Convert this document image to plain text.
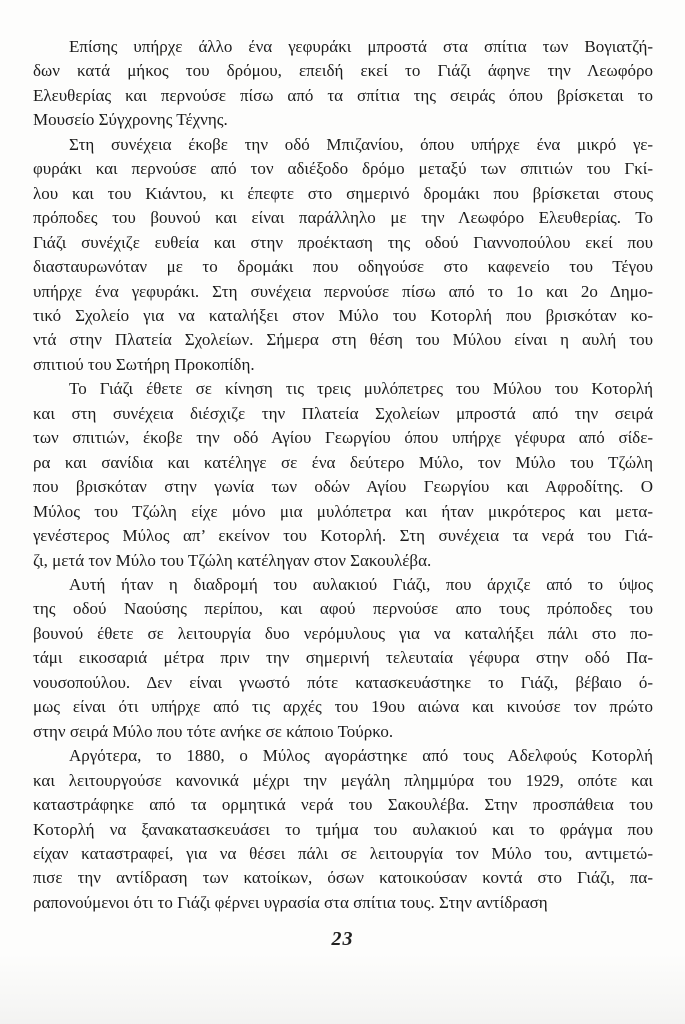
Επίσης υπήρχε άλλο ένα γεφυράκι μπροστά στα σπίτια των Βογιατζή-
δων κατά μήκος του δρόμου, επειδή εκεί το Γιάζι άφηνε την Λεωφόρο
Ελευθερίας και περνούσε πίσω από τα σπίτια της σειράς όπου βρίσκεται το
Μουσείο Σύγχρονης Τέχνης.

Στη συνέχεια έκοβε την οδό Μπιζανίου, όπου υπήρχε ένα μικρό γε-
φυράκι και περνούσε από τον αδιέξοδο δρόμο μεταξύ των σπιτιών του Γκί-
λου και του Κιάντου, κι έπεφτε στο σημερινό δρομάκι που βρίσκεται στους
πρόποδες του βουνού και είναι παράλληλο με την Λεωφόρο Ελευθερίας. Το
Γιάζι συνέχιζε ευθεία και στην προέκταση της οδού Γιαννοπούλου εκεί που
διασταυρωνόταν με το δρομάκι που οδηγούσε στο καφενείο του Τέγου
υπήρχε ένα γεφυράκι. Στη συνέχεια περνούσε πίσω από το 1ο και 2ο Δημο-
τικό Σχολείο για να καταλήξει στον Μύλο του Κοτορλή που βρισκόταν κο-
ντά στην Πλατεία Σχολείων. Σήμερα στη θέση του Μύλου είναι η αυλή του
σπιτιού του Σωτήρη Προκοπίδη.

Το Γιάζι έθετε σε κίνηση τις τρεις μυλόπετρες του Μύλου του Κοτορλή
και στη συνέχεια διέσχιζε την Πλατεία Σχολείων μπροστά από την σειρά
των σπιτιών, έκοβε την οδό Αγίου Γεωργίου όπου υπήρχε γέφυρα από σίδε-
ρα και σανίδια και κατέληγε σε ένα δεύτερο Μύλο, τον Μύλο του Τζώλη
που βρισκόταν στην γωνία των οδών Αγίου Γεωργίου και Αφροδίτης. Ο
Μύλος του Τζώλη είχε μόνο μια μυλόπετρα και ήταν μικρότερος και μετα-
γενέστερος Μύλος απ’ εκείνον του Κοτορλή. Στη συνέχεια τα νερά του Γιά-
ζι, μετά τον Μύλο του Τζώλη κατέληγαν στον Σακουλέβα.

Αυτή ήταν η διαδρομή του αυλακιού Γιάζι, που άρχιζε από το ύψος
της οδού Ναούσης περίπου, και αφού περνούσε απο τους πρόποδες του
βουνού έθετε σε λειτουργία δυο νερόμυλους για να καταλήξει πάλι στο πο-
τάμι εικοσαριά μέτρα πριν την σημερινή τελευταία γέφυρα στην οδό Πα-
νουσοπούλου. Δεν είναι γνωστό πότε κατασκευάστηκε το Γιάζι, βέβαιο ό-
μως είναι ότι υπήρχε από τις αρχές του 19ου αιώνα και κινούσε τον πρώτο
στην σειρά Μύλο που τότε ανήκε σε κάποιο Τούρκο.

Αργότερα, το 1880, ο Μύλος αγοράστηκε από τους Αδελφούς Κοτορλή
και λειτουργούσε κανονικά μέχρι την μεγάλη πλημμύρα του 1929, οπότε και
καταστράφηκε από τα ορμητικά νερά του Σακουλέβα. Στην προσπάθεια του
Κοτορλή να ξανακατασκευάσει το τμήμα του αυλακιού και το φράγμα που
είχαν καταστραφεί, για να θέσει πάλι σε λειτουργία τον Μύλο του, αντιμετώ-
πισε την αντίδραση των κατοίκων, όσων κατοικούσαν κοντά στο Γιάζι, πα-
ραπονούμενοι ότι το Γιάζι φέρνει υγρασία στα σπίτια τους. Στην αντίδραση

23
